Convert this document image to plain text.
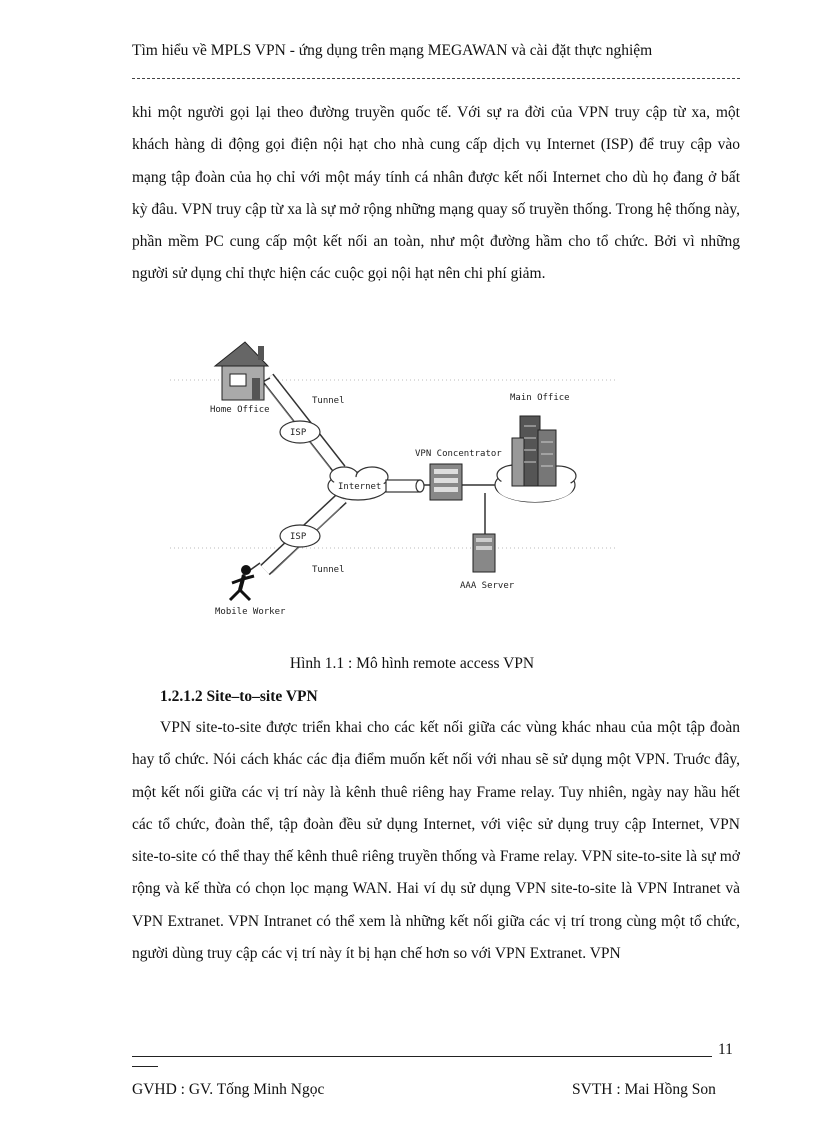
Tìm hiểu về MPLS VPN - ứng dụng trên mạng MEGAWAN và cài đặt thực nghiệm

khi một người gọi lại theo đường truyền quốc tế. Với sự ra đời của VPN truy cập từ xa, một khách hàng di động gọi điện nội hạt cho nhà cung cấp dịch vụ Internet (ISP) để truy cập vào mạng tập đoàn của họ chỉ với một máy tính cá nhân được kết nối Internet cho dù họ đang ở bất kỳ đâu. VPN truy cập từ xa là sự mở rộng những mạng quay số truyền thống. Trong hệ thống này, phần mềm PC cung cấp một kết nối an toàn, như một đường hầm cho tổ chức. Bởi vì những người sử dụng chỉ thực hiện các cuộc gọi nội hạt nên chi phí giảm.

ISP
ISP
Internet
VPN Concentrator
Main Office
AAA Server
Home Office
Tunnel
Mobile Worker
Tunnel
Hình 1.1 : Mô hình remote access VPN
1.2.1.2 Site–to–site VPN

VPN site-to-site được triển khai cho các kết nối giữa các vùng khác nhau của một tập đoàn hay tổ chức. Nói cách khác các địa điểm muốn kết nối với nhau sẽ sử dụng một VPN. Truớc đây, một kết nối giữa các vị trí này là kênh thuê riêng hay Frame relay. Tuy nhiên, ngày nay hầu hết các tổ chức, đoàn thể, tập đoàn đều sử dụng Internet, với việc sử dụng truy cập Internet, VPN site-to-site có thể thay thế kênh thuê riêng truyền thống và Frame relay. VPN site-to-site là sự mở rộng và kế thừa có chọn lọc mạng WAN. Hai ví dụ sử dụng VPN site-to-site là VPN Intranet và VPN Extranet. VPN Intranet có thể xem là những kết nối giữa các vị trí trong cùng một tổ chức, người dùng truy cập các vị trí này ít bị hạn chế hơn so với VPN Extranet. VPN

11
GVHD : GV. Tống Minh Ngọc	SVTH : Mai Hồng Son
